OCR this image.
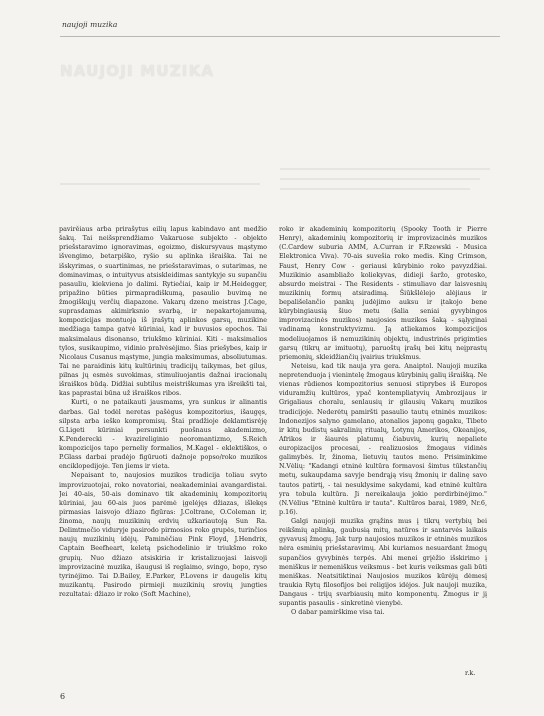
naujoji muzika
NAUJOJI MUZIKA

pavirĕiaus arba prirašytus eilių lapus kabindavo ant medžio šakų. Tai neišsprendžiamo Vakaruose subjekto - objekto priešstaravimo ignoravimas, egoizmo, diskursyvaus mąstymo išvengimo, betarpiško, ryšio su aplinka išraiška. Tai ne išskyrimas, o suartinimas, ne priešstaravimas, o sutarimas, ne dominavimas, o intuityvus atsiskleidimas santykyje su supančiu pasauliu, kiekviena jo dalimi. Rytiečiai, kaip ir M.Heidegger, pripažino būties pirmapradiškumą, pasaulio buvimą ne žmogiškųjų verčių diapazone. Vakarų dzeno meistras J.Cage, suprasdamas akimirksnio svarbą, ir nepakartojamumą, kompozicijas montuoja iš įrašytų aplinkos garsų, muzikine medžiaga tampa gatvė kūriniai, kad ir buvusios epochos. Tai maksimalaus disonanso, triukšmo kūriniai. Kiti - maksimalios tylos, susikaupimo, vidinio pralvėsėjimo. Šias priešybes, kaip ir Nicolaus Cusanus mąstyme, jungia maksimumas, absoliutumas. Tai ne paraidinis kitų kultūrinių tradicijų taikymas, bet gilus, pilnas jų esmės suvokimas, stimuliuojantis dažnai iracionalų išraiškos būdą. Didžiai subtilus meistriškumas yra išreikšti tai, kas paprastai būna už išraiškos ribos.

Kurti, o ne pataikauti jausmams, yra sunkus ir alinantis darbas. Gal todėl neretas pašėgus kompozitorius, išaugęs, silpsta arba ieško kompromisų. Štai pradžioje deklamtisrėję G.Ligeti kūriniai persunkti puošnaus akademizmo, K.Penderecki - kvazireliginio neoromantizmo, S.Reich kompozicijos tapo perneliy formalios, M.Kagel - eklektiškos, o P.Glass darbai pradėjo figūruoti dažnoje popso/roko muzikos enciklopedijoje. Ten jiems ir vieta.

Nepaisant to, naujosios muzikos tradicija toliau svyto improvizuotojai, roko novatoriai, neakademiniai avangardistai. Jei 40-ais, 50-ais dominavo tik akademinių kompozitorių kūriniai, jau 60-ais juos parėmė įgelėjęs džiazas, išlekęs pirmasias laisvojo džiazo figūras: J.Coltrane, O.Coleman ir, žinoma, naujų muzikinių erdvių užkariautoją Sun Ra. Delimtmečio viduryje pasirodo pirmosios roko grupės, turinčios naujų muzikinių idėjų. Paminėčiau Pink Floyd, J.Hendrix, Captain Beefheart, keletą psichodelinio ir triukšmo roko grupių. Nuo džiazo atsiskiria ir kristalizuojasi laisvoji improvizacinė muzika, išaugusi iš reglaimo, svingo, bopo, ryso tyrinėjimo. Tai D.Bailey, E.Parker, P.Lovens ir daugelis kitų muzikantų. Pasirodo pirmieji muzikinių srovių jungties rezultatai: džiazo ir roko (Soft Machine),

roko ir akademinių kompozitorių (Spooky Tooth ir Pierre Henry), akademinių kompozitorių ir improvizacinės muzikos (C.Cardew suburia AMM, A.Curran ir F.Rzewski - Musica Elektronica Viva). 70-ais suvešia roko medis. King Crimson, Faust, Henry Cow - geriausi kūrybinio roko pavyzdžiai. Muzikinio asambliažo koliekyvas, didieji šaržo, grotesko, absurdo meistrai - The Residents - stimuliavo dar laisvesnių muzikinių formų atsiradimą. Šiūkšlėleįo alėjiaus ir bepališelančio pankų judėjimo auksu ir įtakojo bene kūrybingiausią šiuo metu (šalia seniai gyvybingos improvizacinės muzikos) naujosios muzikos šaką - sąlyginai vadinamą konstruktyvizmu. Ją atliekamos kompozicijos modeliuojamos iš nemuzikinių objektų, industrinės prigimties garsų (tikrų ar imituotų), paruoštų įrašų bei kitų neįprastų priemonių, skleidžiančių įvairius triukšmus.

Neteisu, kad tik nauja yra gera. Anaiptol. Naujoji muzika nepretenduoja į vienintelę žmogaus kūrybinių galių išraišką. Ne vienas rūdienos kompozitorius senuosi stiprybes iš Europos viduramžių kultūros, ypač kontempliatyvių Ambrozijaus ir Grigaliaus choralu, senlausių ir gilausių Vakarų muzikos tradicijoje. Nederėtų pamiršti pasaulio tautų etninės muzikos: Indonezijos salyno gamelano, atonalios japonų gagaku, Tibeto ir kitų budistų sakralinių ritualų, Lotynų Amerikos, Okeanijos, Afrikos ir šiaurės platumų čiabuvių, kurių nepaliete europizacijos procesai, - realizuosios žmogaus vidinės galimybės. Ir, žinoma, lietuvių tautos meno. Prisiminkime N.Vėlių: "Kadangi etninė kultūra formavosi šimtus tūkstančių metų, sukaupdama savyje bendrąją visų žmonių ir dalinę savo tautos patirtį, - tai nesuklysime sakydami, kad etninė kultūra yra tobula kultūra. Ji nereikalauja jokio perdirbinėjimo." (N.Vėlius "Etninė kultūra ir tauta". Kultūros barai, 1989, Nr.6, p.16).

Galgi naujoji muzika grąžins mus į tikrų vertybių bei reikšmių aplinką, gaubusią mitų, natūros ir santarvės laikais gyvavusį žmogų. Jak turp naujosios muzikos ir etninės muzikos nėra esminių priešstaravimų. Abi kuriamos nesuardant žmogų supančios gyvybinės terpės. Abi menei grįėžio išskirimo į meniškus ir nemeniškus veiksmus - bet kuris veiksmas gali būti meniškas. Neatsitiktinai Naujosios muzikos kūrėjų dėmesį traukia Rytų filosofijos bei religijos idėjos. Juk naujoji muzika, Dangaus - triįų svarbiausių mito komponentų. Žmogus ir jį supantis pasaulis - sinkretinė vienybė.

O dabar pamirškime visa tai.

r.k.
6
